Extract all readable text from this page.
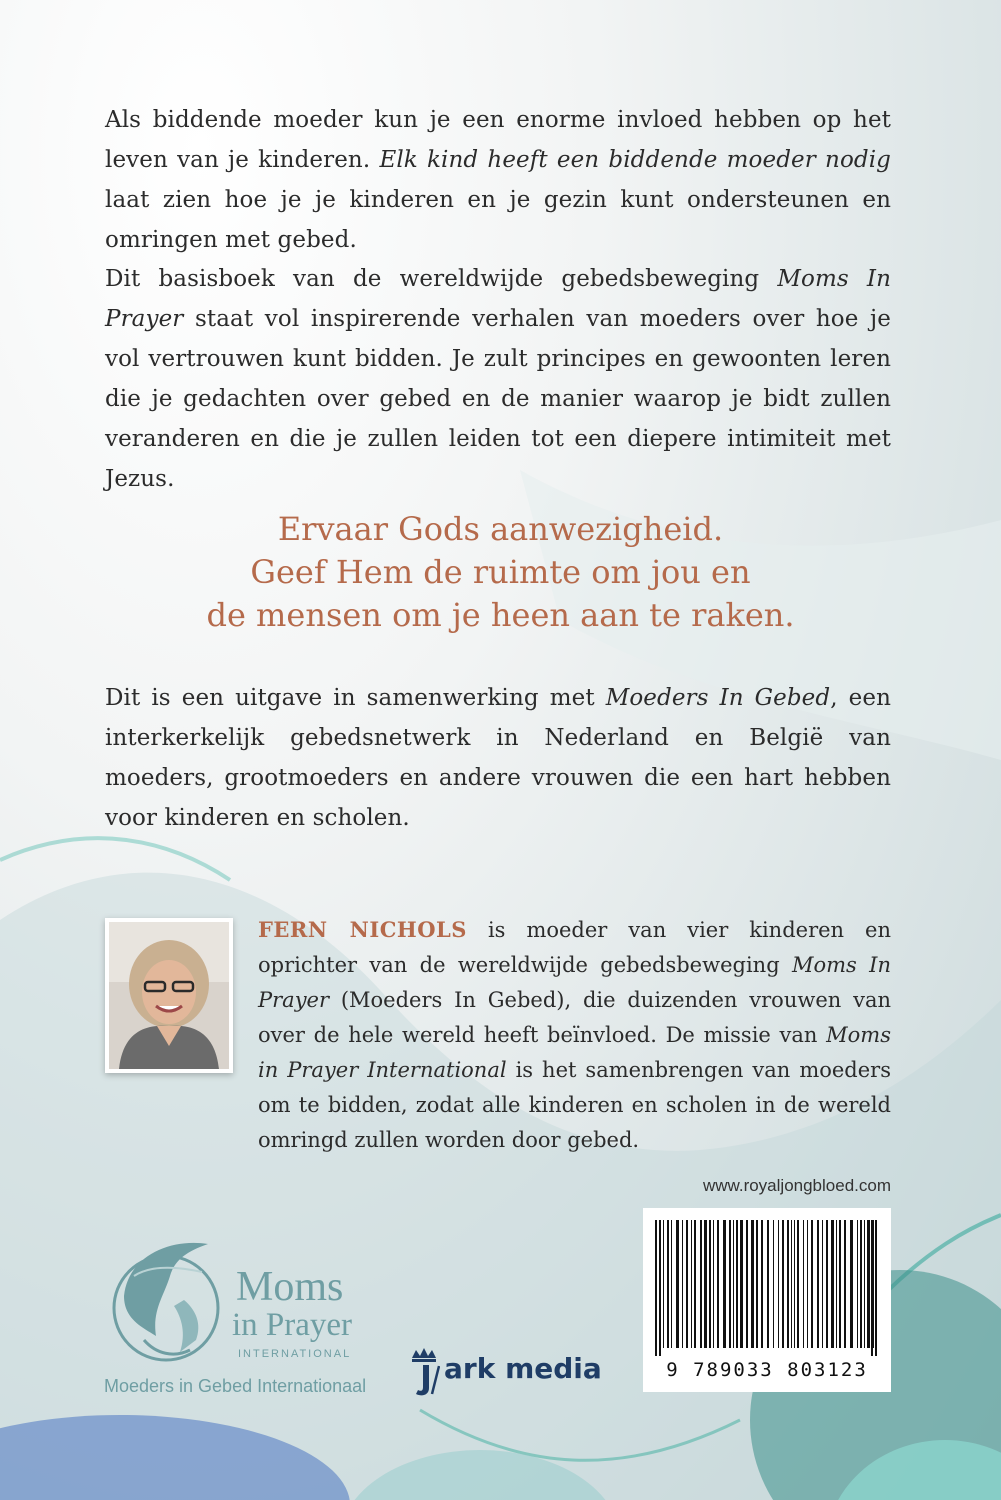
Als biddende moeder kun je een enorme invloed hebben op het leven van je kinderen. Elk kind heeft een biddende moeder nodig laat zien hoe je je kinderen en je gezin kunt ondersteunen en omringen met gebed.

Dit basisboek van de wereldwijde gebedsbeweging Moms In Prayer staat vol inspirerende verhalen van moeders over hoe je vol vertrouwen kunt bidden. Je zult principes en gewoonten leren die je gedachten over gebed en de manier waarop je bidt zullen veranderen en die je zullen leiden tot een diepere intimiteit met Jezus.

Ervaar Gods aanwezigheid.
Geef Hem de ruimte om jou en
de mensen om je heen aan te raken.

Dit is een uitgave in samenwerking met Moeders In Gebed, een interkerkelijk gebedsnetwerk in Nederland en België van moeders, grootmoeders en andere vrouwen die een hart hebben voor kinderen en scholen.

FERN NICHOLS is moeder van vier kinderen en oprichter van de wereldwijde gebedsbeweging Moms In Prayer (Moeders In Gebed), die duizenden vrouwen van over de hele wereld heeft beïnvloed. De missie van Moms in Prayer International is het samenbrengen van moeders om te bidden, zodat alle kinderen en scholen in de wereld omringd zullen worden door gebed.

www.royaljongbloed.com
9 789033 803123
Moms
in Prayer
INTERNATIONAL
Moeders in Gebed Internationaal
ark media
